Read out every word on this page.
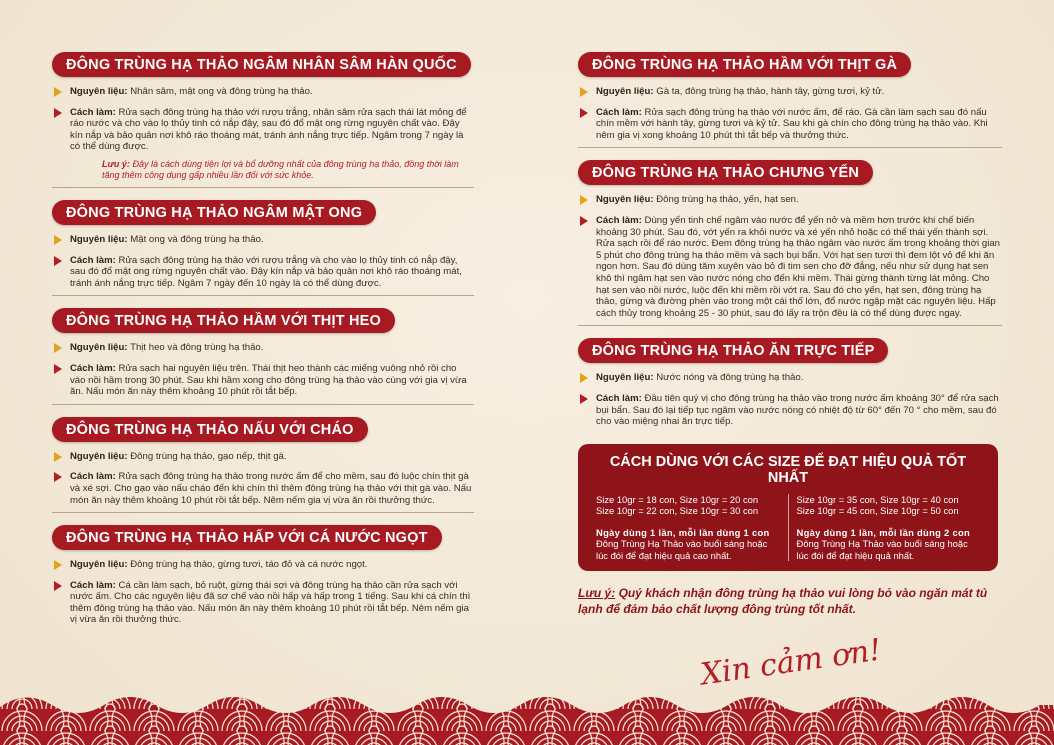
ĐÔNG TRÙNG HẠ THẢO NGÂM NHÂN SÂM HÀN QUỐC
Nguyên liệu: Nhân sâm, mật ong và đông trùng hạ thảo.
Cách làm: Rửa sạch đông trùng hạ thảo với rượu trắng, nhân sâm rửa sạch thái lát mỏng để ráo nước và cho vào lọ thủy tinh có nắp đậy, sau đó đổ mật ong rừng nguyên chất vào. Đậy kín nắp và bảo quản nơi khô ráo thoáng mát, tránh ánh nắng trực tiếp. Ngâm trong 7 ngày là có thể dùng được.
Lưu ý: Đây là cách dùng tiện lợi và bổ dưỡng nhất của đông trùng hạ thảo, đồng thời làm tăng thêm công dụng gấp nhiều lần đối với sức khỏe.
ĐÔNG TRÙNG HẠ THẢO NGÂM MẬT ONG
Nguyên liệu: Mật ong và đông trùng hạ thảo.
Cách làm: Rửa sạch đông trùng hạ thảo với rượu trắng và cho vào lọ thủy tinh có nắp đậy, sau đó đổ mật ong rừng nguyên chất vào. Đậy kín nắp và bảo quản nơi khô ráo thoáng mát, tránh ánh nắng trực tiếp. Ngâm 7 ngày đến 10 ngày là có thể dùng được.
ĐÔNG TRÙNG HẠ THẢO HẦM VỚI THỊT HEO
Nguyên liệu: Thịt heo và đông trùng hạ thảo.
Cách làm: Rửa sạch hai nguyên liệu trên. Thái thịt heo thành các miếng vuông nhỏ rồi cho vào nồi hầm trong 30 phút. Sau khi hầm xong cho đông trùng hạ thảo vào cùng với gia vị vừa ăn. Nấu món ăn này thêm khoảng 10 phút rồi tắt bếp.
ĐÔNG TRÙNG HẠ THẢO NẤU VỚI CHÁO
Nguyên liệu: Đông trùng hạ thảo, gạo nếp, thịt gà.
Cách làm: Rửa sạch đông trùng hạ thảo trong nước ấm để cho mềm, sau đó luộc chín thịt gà và xé sợi. Cho gạo vào nấu cháo đến khi chín thì thêm đông trùng hạ thảo với thịt gà vào. Nấu món ăn này thêm khoảng 10 phút rồi tắt bếp. Nêm nếm gia vị vừa ăn rồi thưởng thức.
ĐÔNG TRÙNG HẠ THẢO HẤP VỚI CÁ NƯỚC NGỌT
Nguyên liệu: Đông trùng hạ thảo, gừng tươi, táo đỏ và cá nước ngọt.
Cách làm: Cá cần làm sạch, bỏ ruột, gừng thái sợi và đông trùng hạ thảo cần rửa sạch với nước ấm. Cho các nguyên liệu đã sơ chế vào nồi hấp và hấp trong 1 tiếng. Sau khi cá chín thì thêm đông trùng hạ thảo vào. Nấu món ăn này thêm khoảng 10 phút rồi tắt bếp. Nêm nếm gia vị vừa ăn rồi thưởng thức.
ĐÔNG TRÙNG HẠ THẢO HẦM VỚI THỊT GÀ
Nguyên liệu: Gà ta, đông trùng hạ thảo, hành tây, gừng tươi, kỷ tử.
Cách làm: Rửa sạch đông trùng hạ thảo với nước ấm, để ráo. Gà cần làm sạch sau đó nấu chín mềm với hành tây, gừng tươi và kỷ tử. Sau khi gà chín cho đông trùng hạ thảo vào. Khi nêm gia vị xong khoảng 10 phút thì tắt bếp và thưởng thức.
ĐÔNG TRÙNG HẠ THẢO CHƯNG YẾN
Nguyên liệu: Đông trùng hạ thảo, yến, hạt sen.
Cách làm: Dùng yến tinh chế ngâm vào nước để yến nở và mềm hơn trước khi chế biến khoảng 30 phút. Sau đó, vớt yến ra khỏi nước và xé yến nhỏ hoặc có thể thái yến thành sợi. Rửa sạch rồi để ráo nước. Đem đông trùng hạ thảo ngâm vào nước ấm trong khoảng thời gian 5 phút cho đông trùng hạ thảo mềm và sạch bụi bẩn. Với hạt sen tươi thì đem lột vỏ để khi ăn ngon hơn. Sau đó dùng tăm xuyên vào bỏ đi tim sen cho đỡ đắng, nếu như sử dụng hạt sen khô thì ngâm hạt sen vào nước nóng cho đến khi mềm. Thái gừng thành từng lát mỏng. Cho hạt sen vào nồi nước, luộc đến khi mềm rồi vớt ra. Sau đó cho yến, hạt sen, đông trùng hạ thảo, gừng và đường phèn vào trong một cái thố lớn, đổ nước ngập mặt các nguyên liệu. Hấp cách thủy trong khoảng 25 - 30 phút, sau đó lấy ra trộn đều là có thể dùng được ngay.
ĐÔNG TRÙNG HẠ THẢO ĂN TRỰC TIẾP
Nguyên liệu: Nước nóng và đông trùng hạ thảo.
Cách làm: Đầu tiên quý vị cho đông trùng hạ thảo vào trong nước ấm khoảng 30° để rửa sạch bụi bẩn. Sau đó lại tiếp tục ngâm vào nước nóng có nhiệt độ từ 60° đến 70 ° cho mềm, sau đó cho vào miệng nhai ăn trực tiếp.
CÁCH DÙNG VỚI CÁC SIZE ĐỂ ĐẠT HIỆU QUẢ TỐT NHẤT
Size 10gr = 18 con, Size 10gr = 20 con
Size 10gr = 22 con, Size 10gr = 30 con
Ngày dùng 1 lần, mỗi lần dùng 1 con
Đông Trùng Hạ Thảo vào buổi sáng hoặc lúc đói để đạt hiệu quả cao nhất.
Size 10gr = 35 con, Size 10gr = 40 con
Size 10gr = 45 con, Size 10gr = 50 con
Ngày dùng 1 lần, mỗi lần dùng 2 con
Đông Trùng Hạ Thảo vào buổi sáng hoặc lúc đói để đạt hiệu quả nhất.
Lưu ý: Quý khách nhận đông trùng hạ thảo vui lòng bỏ vào ngăn mát tủ lạnh để đảm bảo chất lượng đông trùng tốt nhất.
Xin cảm ơn!
